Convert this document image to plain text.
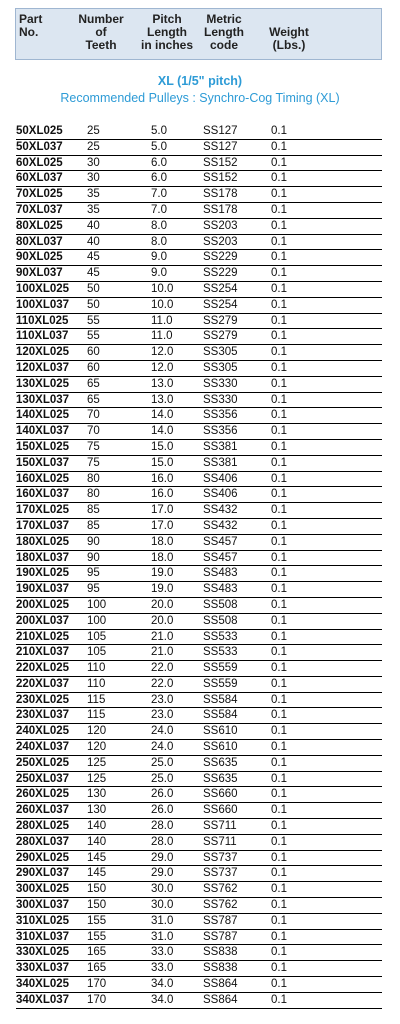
Part
No.
Number
of
Teeth
Pitch
Length
in inches
Metric
Length
code

Weight
(Lbs.)
XL (1/5" pitch)
Recommended Pulleys : Synchro-Cog Timing (XL)
50XL025 25	5.0	SS127	0.1
50XL037 25	5.0	SS127	0.1
60XL025 30	6.0	SS152	0.1
60XL037 30	6.0	SS152	0.1
70XL025 35	7.0	SS178	0.1
70XL037 35	7.0	SS178	0.1
80XL025 40	8.0	SS203	0.1
80XL037 40	8.0	SS203	0.1
90XL025 45	9.0	SS229	0.1
90XL037 45	9.0	SS229	0.1
100XL025 50	10.0	SS254	0.1
100XL037 50	10.0	SS254	0.1
110XL025 55	11.0	SS279	0.1
110XL037 55	11.0	SS279	0.1
120XL025 60	12.0	SS305	0.1
120XL037 60	12.0	SS305	0.1
130XL025 65	13.0	SS330	0.1
130XL037 65	13.0	SS330	0.1
140XL025 70	14.0	SS356	0.1
140XL037 70	14.0	SS356	0.1
150XL025 75	15.0	SS381	0.1
150XL037 75	15.0	SS381	0.1
160XL025 80	16.0	SS406	0.1
160XL037 80	16.0	SS406	0.1
170XL025 85	17.0	SS432	0.1
170XL037 85	17.0	SS432	0.1
180XL025 90	18.0	SS457	0.1
180XL037 90	18.0	SS457	0.1
190XL025 95	19.0	SS483	0.1
190XL037 95	19.0	SS483	0.1
200XL025 100	20.0	SS508	0.1
200XL037 100	20.0	SS508	0.1
210XL025 105	21.0	SS533	0.1
210XL037 105	21.0	SS533	0.1
220XL025 110	22.0	SS559	0.1
220XL037 110	22.0	SS559	0.1
230XL025 115	23.0	SS584	0.1
230XL037 115	23.0	SS584	0.1
240XL025 120	24.0	SS610	0.1
240XL037 120	24.0	SS610	0.1
250XL025 125	25.0	SS635	0.1
250XL037 125	25.0	SS635	0.1
260XL025 130	26.0	SS660	0.1
260XL037 130	26.0	SS660	0.1
280XL025 140	28.0	SS711	0.1
280XL037 140	28.0	SS711	0.1
290XL025 145	29.0	SS737	0.1
290XL037 145	29.0	SS737	0.1
300XL025 150	30.0	SS762	0.1
300XL037 150	30.0	SS762	0.1
310XL025 155	31.0	SS787	0.1
310XL037 155	31.0	SS787	0.1
330XL025 165	33.0	SS838	0.1
330XL037 165	33.0	SS838	0.1
340XL025 170	34.0	SS864	0.1
340XL037 170	34.0	SS864	0.1
